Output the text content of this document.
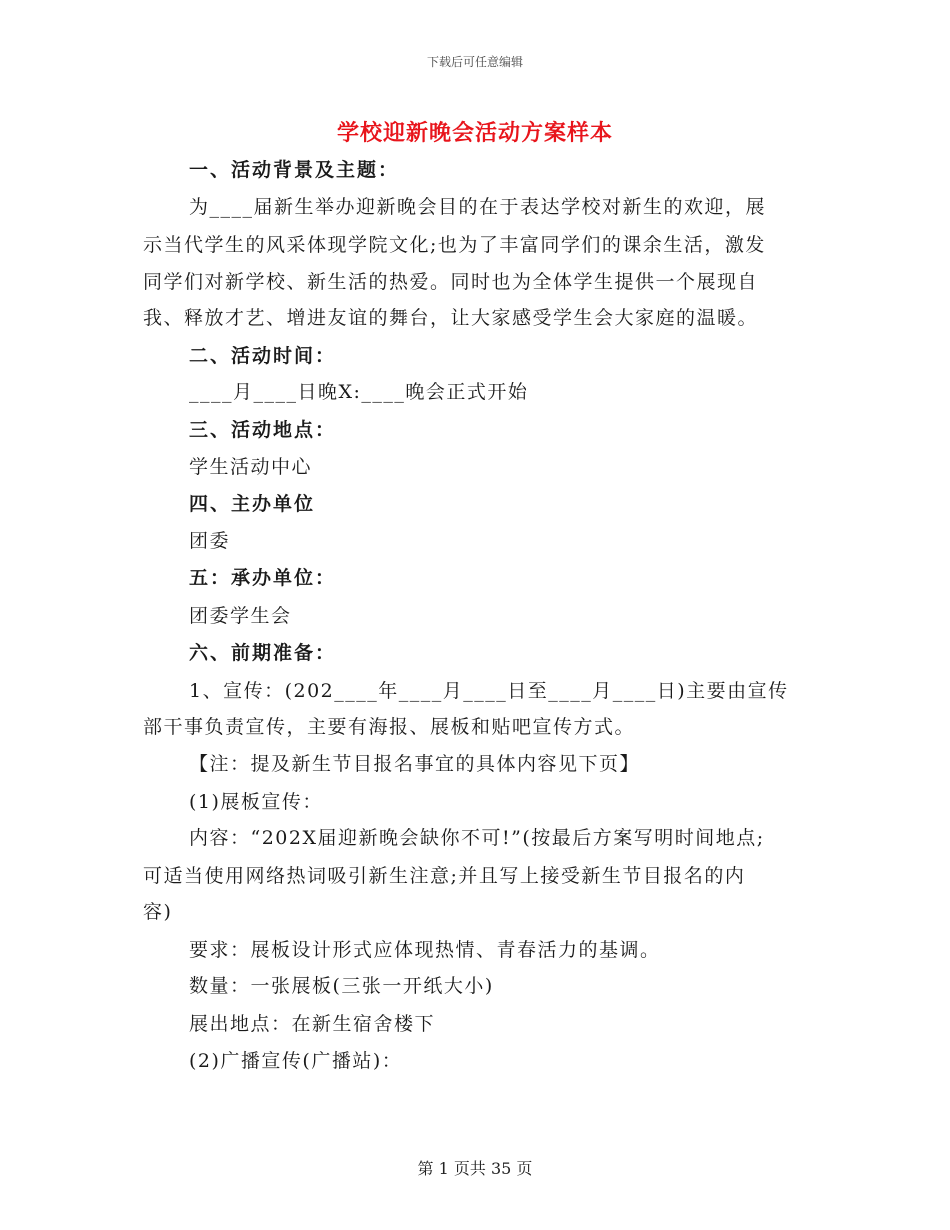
下载后可任意编辑
学校迎新晚会活动方案样本
一、活动背景及主题：
为____届新生举办迎新晚会目的在于表达学校对新生的欢迎，展
示当代学生的风采体现学院文化;也为了丰富同学们的课余生活，激发
同学们对新学校、新生活的热爱。同时也为全体学生提供一个展现自
我、释放才艺、增进友谊的舞台，让大家感受学生会大家庭的温暖。
二、活动时间：
____月____日晚X:____晚会正式开始
三、活动地点：
学生活动中心
四、主办单位
团委
五：承办单位：
团委学生会
六、前期准备：
1、宣传：(202____年____月____日至____月____日)主要由宣传
部干事负责宣传，主要有海报、展板和贴吧宣传方式。
【注：提及新生节目报名事宜的具体内容见下页】
(1)展板宣传：
内容：“202X届迎新晚会缺你不可!”(按最后方案写明时间地点;
可适当使用网络热词吸引新生注意;并且写上接受新生节目报名的内
容)
要求：展板设计形式应体现热情、青春活力的基调。
数量：一张展板(三张一开纸大小)
展出地点：在新生宿舍楼下
(2)广播宣传(广播站)：
第 1 页共 35 页
